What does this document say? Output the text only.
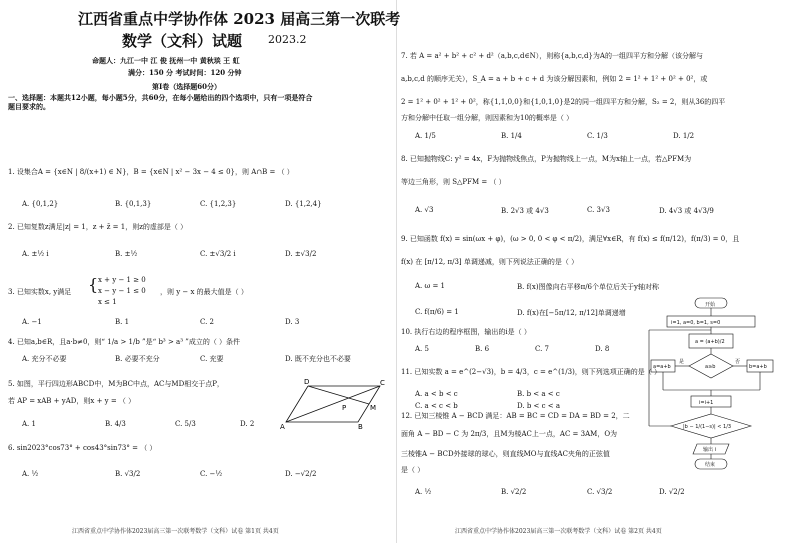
江西省重点中学协作体 2023 届高三第一次联考
数学（文科）试题 2023.2
命题人：九江一中 江 俊 抚州一中 黄秋琰 王 虹
满分：150 分 考试时间：120 分钟
第Ⅰ卷（选择题60分）
一、选择题：本题共12小题，每小题5分，共60分，在每小题给出的四个选项中，只有一项是符合
题目要求的。
1. 设集合A = {x∈N | 8/(x+1) ∈ N}，B = {x∈N | x² − 3x − 4 ≤ 0}，则 A∩B = （ ）
A. {0,1,2}	B. {0,1,3}	C. {1,2,3}	D. {1,2,4}
2. 已知复数z满足|z| = 1，z + z̄ = 1，则z的虚部是（ ）
A. ±½ i	B. ±½	C. ±√3/2 i	D. ±√3/2
3. 已知实数x, y满足 { x + y − 1 ≥ 0
x − y − 1 ≤ 0
x ≤ 1
，则 y − x 的最大值是（ ）
A. −1	B. 1	C. 2	D. 3
4. 已知a,b∈R，且a·b≠0，则“ 1/a > 1/b ”是“ b³ > a³ ”成立的（ ）条件
A. 充分不必要	B. 必要不充分	C. 充要	D. 既不充分也不必要
5. 如图，平行四边形ABCD中，M为BC中点，AC与MD相交于点P，
若 AP = xAB + yAD，则x + y = （ ）
A. 1	B. 4/3	C. 5/3	D. 2
D	C
P	M
A	B
6. sin2023°cos73° + cos43°sin73° = （ ）
A. ½	B. √3/2	C. −½	D. −√2/2
江西省重点中学协作体2023届高三第一次联考数学（文科）试卷 第1页 共4页
7. 若 A = a² + b² + c² + d²（a,b,c,d∈N），则称{a,b,c,d}为A的一组四平方和分解（该分解与
a,b,c,d 的顺序无关），S_A = a + b + c + d 为该分解因素和，例如 2 = 1² + 1² + 0² + 0²，或
2 = 1² + 0² + 1² + 0²，称{1,1,0,0}和{1,0,1,0}是2的同一组四平方和分解，S₂ = 2，则从36的四平
方和分解中任取一组分解，则因素和为10的概率是（ ）
A. 1/5	B. 1/4	C. 1/3	D. 1/2
8. 已知抛物线C: y² = 4x，F为抛物线焦点，P为抛物线上一点，M为x轴上一点，若△PFM为
等边三角形，则 S△PFM = （ ）
A. √3	B. 2√3 或 4√3	C. 3√3	D. 4√3 或 4√3/9
9. 已知函数 f(x) = sin(ωx + φ)，(ω > 0, 0 < φ < π/2)，满足∀x∈R，有 f(x) ≤ f(π/12)，f(π/3) = 0，且
f(x) 在 [π/12, π/3] 单调递减，则下列说法正确的是（ ）
A. ω = 1	B. f(x)图像向右平移π/6个单位后关于y轴对称
C. f(π/6) = 1	D. f(x)在[−5π/12, π/12]单调递增
10. 执行右边的程序框图，输出的i是（ ）
A. 5	B. 6	C. 7	D. 8
11. 已知实数 a = e^(2−√3)，b = 4/3，c = e^(1/3)，则下列选项正确的是（ ）
A. a < b < c	B. b < a < c
C. a < c < b	D. b < c < a
12. 已知三棱锥 A − BCD 满足：AB = BC = CD = DA = BD = 2，二
面角 A − BD − C 为 2π/3，且M为棱AC上一点，AC = 3AM，O为
三棱锥A − BCD外接球的球心，则直线MO与直线AC夹角的正弦值
是（ ）
A. ½	B. √2/2	C. √3/2	D. √2/2
开始
i=1, a=0, b=1, s=0
a = (a+b)/2
a≥b
是	否
a=a+b	b=a+b
i=i+1
|b − 1/(1−s)| < 1/3
输出 i
结束
江西省重点中学协作体2023届高三第一次联考数学（文科）试卷 第2页 共4页
